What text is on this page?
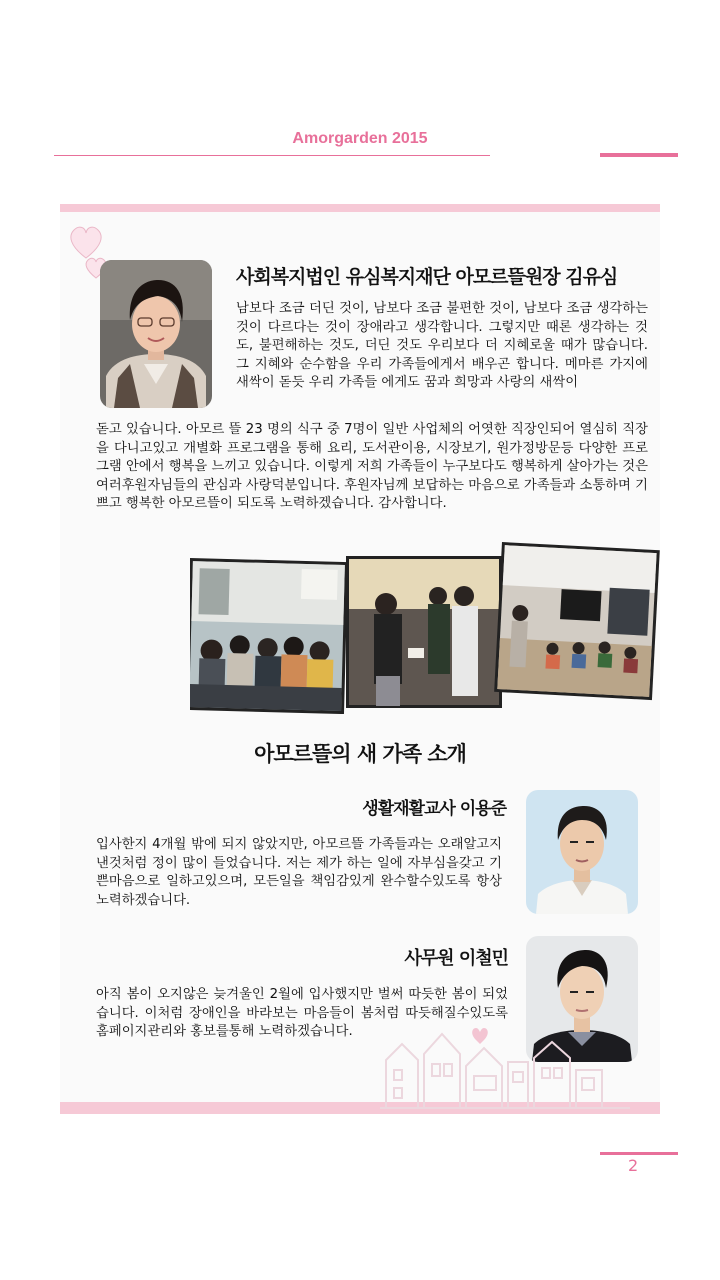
Amorgarden 2015
사회복지법인 유심복지재단 아모르뜰원장 김유심
남보다 조금 더딘 것이, 남보다 조금 불편한 것이, 남보다 조금 생각하는 것이 다르다는 것이 장애라고 생각합니다. 그렇지만 때론 생각하는 것도, 불편해하는 것도, 더딘 것도 우리보다 더 지혜로울 때가 많습니다. 그 지혜와 순수함을 우리 가족들에게서 배우곤 합니다. 메마른 가지에 새싹이 돋듯 우리 가족들 에게도 꿈과 희망과 사랑의 새싹이
돋고 있습니다. 아모르 뜰 23 명의 식구 중 7명이 일반 사업체의 어엿한 직장인되어 열심히 직장을 다니고있고 개별화 프로그램을 통해 요리, 도서관이용, 시장보기, 원가정방문등 다양한 프로그램 안에서 행복을 느끼고 있습니다. 이렇게 저희 가족들이 누구보다도 행복하게 살아가는 것은 여러후원자님들의 관심과 사랑덕분입니다. 후원자님께 보답하는 마음으로 가족들과 소통하며 기쁘고 행복한 아모르뜰이 되도록 노력하겠습니다. 감사합니다.
아모르뜰의 새 가족 소개
생활재활교사 이용준
입사한지 4개월 밖에 되지 않았지만, 아모르뜰 가족들과는 오래알고지낸것처럼 정이 많이 들었습니다. 저는 제가 하는 일에 자부심을갖고 기쁜마음으로 일하고있으며, 모든일을 책임감있게 완수할수있도록 항상 노력하겠습니다.
사무원 이철민
아직 봄이 오지않은 늦겨울인 2월에 입사했지만 벌써 따듯한 봄이 되었습니다. 이처럼 장애인을 바라보는 마음들이 봄처럼 따듯해질수있도록 홈페이지관리와 홍보를통해 노력하겠습니다.
2
